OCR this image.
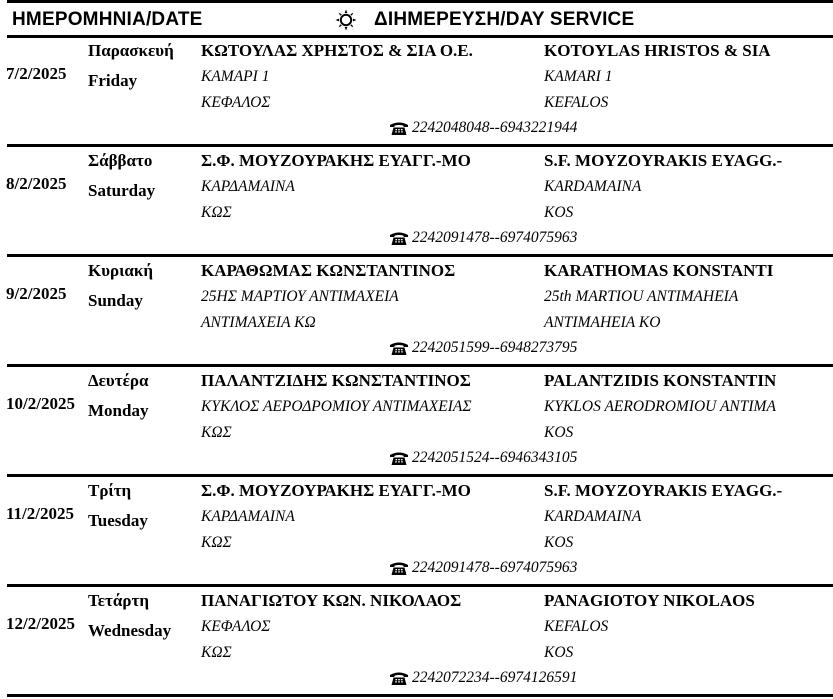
ΗΜΕΡΟΜΗΝΙΑ/DATE	ΔΙΗΜΕΡΕΥΣΗ/DAY SERVICE
7/2/2025
Παρασκευή
Friday
ΚΩΤΟΥΛΑΣ ΧΡΗΣΤΟΣ & ΣΙΑ Ο.Ε.
ΚΑΜΑΡΙ 1
ΚΕΦΑΛΟΣ
KOTOYLAS HRISTOS & SIA
KAMARI 1
KEFALOS
2242048048--6943221944
8/2/2025
Σάββατο
Saturday
Σ.Φ. ΜΟΥΖΟΥΡΑΚΗΣ ΕΥΑΓΓ.-ΜΟ
ΚΑΡΔΑΜΑΙΝΑ
ΚΩΣ
S.F. MOYZOYRAKIS EYAGG.-
KARDAMAINA
KOS
2242091478--6974075963
9/2/2025
Κυριακή
Sunday
ΚΑΡΑΘΩΜΑΣ ΚΩΝΣΤΑΝΤΙΝΟΣ
25ΗΣ ΜΑΡΤΙΟΥ ΑΝΤΙΜΑΧΕΙΑ
ΑΝΤΙΜΑΧΕΙΑ ΚΩ
KARATHOMAS KONSTANTI
25th MARTIOU ANTIMAHEIA
ANTIMAHEIA KO
2242051599--6948273795
10/2/2025
Δευτέρα
Monday
ΠΑΛΑΝΤΖΙΔΗΣ ΚΩΝΣΤΑΝΤΙΝΟΣ
ΚΥΚΛΟΣ ΑΕΡΟΔΡΟΜΙΟΥ ΑΝΤΙΜΑΧΕΙΑΣ
ΚΩΣ
PALANTZIDIS KONSTANTIN
KYKLOS AERODROMIOU ANTIMA
KOS
2242051524--6946343105
11/2/2025
Τρίτη
Tuesday
Σ.Φ. ΜΟΥΖΟΥΡΑΚΗΣ ΕΥΑΓΓ.-ΜΟ
ΚΑΡΔΑΜΑΙΝΑ
ΚΩΣ
S.F. MOYZOYRAKIS EYAGG.-
KARDAMAINA
KOS
2242091478--6974075963
12/2/2025
Τετάρτη
Wednesday
ΠΑΝΑΓΙΩΤΟΥ ΚΩΝ. ΝΙΚΟΛΑΟΣ
ΚΕΦΑΛΟΣ
ΚΩΣ
PANAGIOTOY NIKOLAOS
KEFALOS
KOS
2242072234--6974126591
